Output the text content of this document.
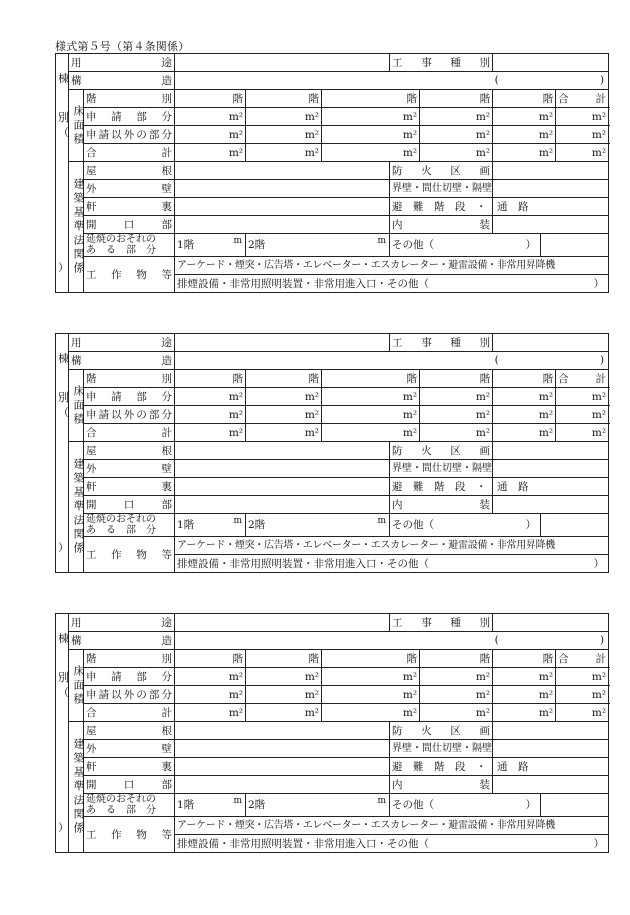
様式第５号（第４条関係）
棟

別
（

）	用　　　途					工　事　種　別				
	構　　　造							( )		

	床面積	階　　　別	階	階	階		階	階		合　　計
		申　請　部　分	m²	m²	m²		m²	m²		m²
		申請以外の部分	m²	m²	m²		m²	m²		m²
		合　　　計	m²	m²	m²		m²	m²		m²

	建築基準法関係	屋　　　根				防　火　区　画				
		外　　　壁				界壁・間仕切壁・隔壁				
		軒　　　裏				避　難　階　段　・　通　路				
		開　口　部				内　　　　装				

		延焼のおそれの
あ　る　部　分	1階 m	2階 m		その他（ ）				

		工　作　物　等	アーケード・煙突・広告塔・エレベーター・エスカレーター・避雷設備・非常用昇降機							
			排煙設備・非常用照明装置・非常用進入口・その他（ ）							
棟

別
（

）	用　　　途					工　事　種　別				
	構　　　造							( )		

	床面積	階　　　別	階	階	階		階	階		合　　計
		申　請　部　分	m²	m²	m²		m²	m²		m²
		申請以外の部分	m²	m²	m²		m²	m²		m²
		合　　　計	m²	m²	m²		m²	m²		m²

	建築基準法関係	屋　　　根				防　火　区　画				
		外　　　壁				界壁・間仕切壁・隔壁				
		軒　　　裏				避　難　階　段　・　通　路				
		開　口　部				内　　　　装				

		延焼のおそれの
あ　る　部　分	1階 m	2階 m		その他（ ）				

		工　作　物　等	アーケード・煙突・広告塔・エレベーター・エスカレーター・避雷設備・非常用昇降機							
			排煙設備・非常用照明装置・非常用進入口・その他（ ）							
棟

別
（

）	用　　　途					工　事　種　別				
	構　　　造							( )		

	床面積	階　　　別	階	階	階		階	階		合　　計
		申　請　部　分	m²	m²	m²		m²	m²		m²
		申請以外の部分	m²	m²	m²		m²	m²		m²
		合　　　計	m²	m²	m²		m²	m²		m²

	建築基準法関係	屋　　　根				防　火　区　画				
		外　　　壁				界壁・間仕切壁・隔壁				
		軒　　　裏				避　難　階　段　・　通　路				
		開　口　部				内　　　　装				

		延焼のおそれの
あ　る　部　分	1階 m	2階 m		その他（ ）				

		工　作　物　等	アーケード・煙突・広告塔・エレベーター・エスカレーター・避雷設備・非常用昇降機							
			排煙設備・非常用照明装置・非常用進入口・その他（ ）							
